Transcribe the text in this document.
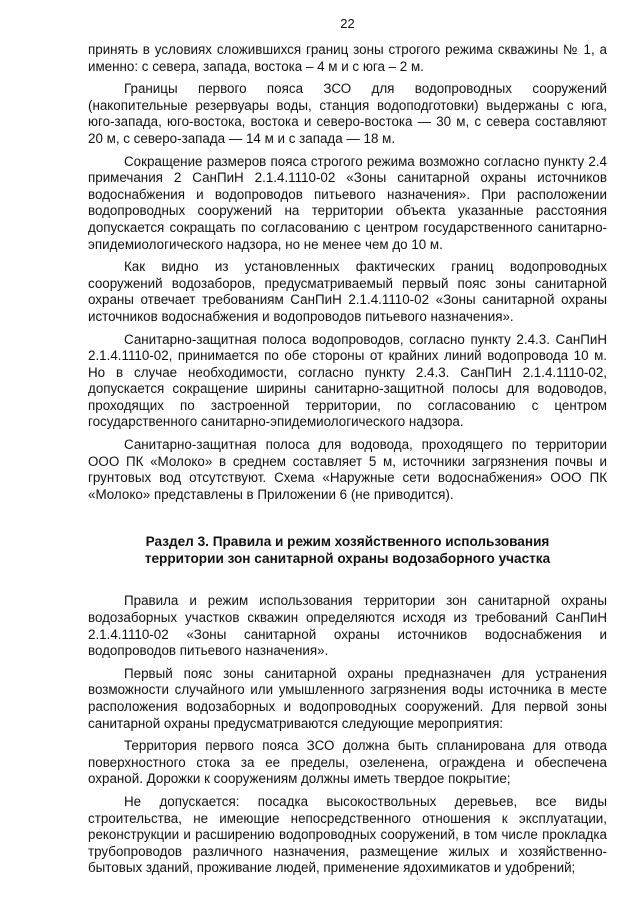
22

принять в условиях сложившихся границ зоны строгого режима скважины № 1, а именно: с севера, запада, востока – 4 м и с юга – 2 м.

Границы первого пояса ЗСО для водопроводных сооружений (накопительные резервуары воды, станция водоподготовки) выдержаны с юга, юго-запада, юго-востока, востока и северо-востока — 30 м, с севера составляют 20 м, с северо-запада — 14 м и с запада — 18 м.

Сокращение размеров пояса строгого режима возможно согласно пункту 2.4 примечания 2 СанПиН 2.1.4.1110-02 «Зоны санитарной охраны источников водоснабжения и водопроводов питьевого назначения». При расположении водопроводных сооружений на территории объекта указанные расстояния допускается сокращать по согласованию с центром государственного санитарно-эпидемиологического надзора, но не менее чем до 10 м.

Как видно из установленных фактических границ водопроводных сооружений водозаборов, предусматриваемый первый пояс зоны санитарной охраны отвечает требованиям СанПиН 2.1.4.1110-02 «Зоны санитарной охраны источников водоснабжения и водопроводов питьевого назначения».

Санитарно-защитная полоса водопроводов, согласно пункту 2.4.3. СанПиН 2.1.4.1110-02, принимается по обе стороны от крайних линий водопровода 10 м. Но в случае необходимости, согласно пункту 2.4.3. СанПиН 2.1.4.1110-02, допускается сокращение ширины санитарно-защитной полосы для водоводов, проходящих по застроенной территории, по согласованию с центром государственного санитарно-эпидемиологического надзора.

Санитарно-защитная полоса для водовода, проходящего по территории ООО ПК «Молоко» в среднем составляет 5 м, источники загрязнения почвы и грунтовых вод отсутствуют. Схема «Наружные сети водоснабжения» ООО ПК «Молоко» представлены в Приложении 6 (не приводится).

Раздел 3. Правила и режим хозяйственного использования
территории зон санитарной охраны водозаборного участка

Правила и режим использования территории зон санитарной охраны водозаборных участков скважин определяются исходя из требований СанПиН 2.1.4.1110-02 «Зоны санитарной охраны источников водоснабжения и водопроводов питьевого назначения».

Первый пояс зоны санитарной охраны предназначен для устранения возможности случайного или умышленного загрязнения воды источника в месте расположения водозаборных и водопроводных сооружений. Для первой зоны санитарной охраны предусматриваются следующие мероприятия:

Территория первого пояса ЗСО должна быть спланирована для отвода поверхностного стока за ее пределы, озеленена, ограждена и обеспечена охраной. Дорожки к сооружениям должны иметь твердое покрытие;

Не допускается: посадка высокоствольных деревьев, все виды строительства, не имеющие непосредственного отношения к эксплуатации, реконструкции и расширению водопроводных сооружений, в том числе прокладка трубопроводов различного назначения, размещение жилых и хозяйственно-бытовых зданий, проживание людей, применение ядохимикатов и удобрений;
